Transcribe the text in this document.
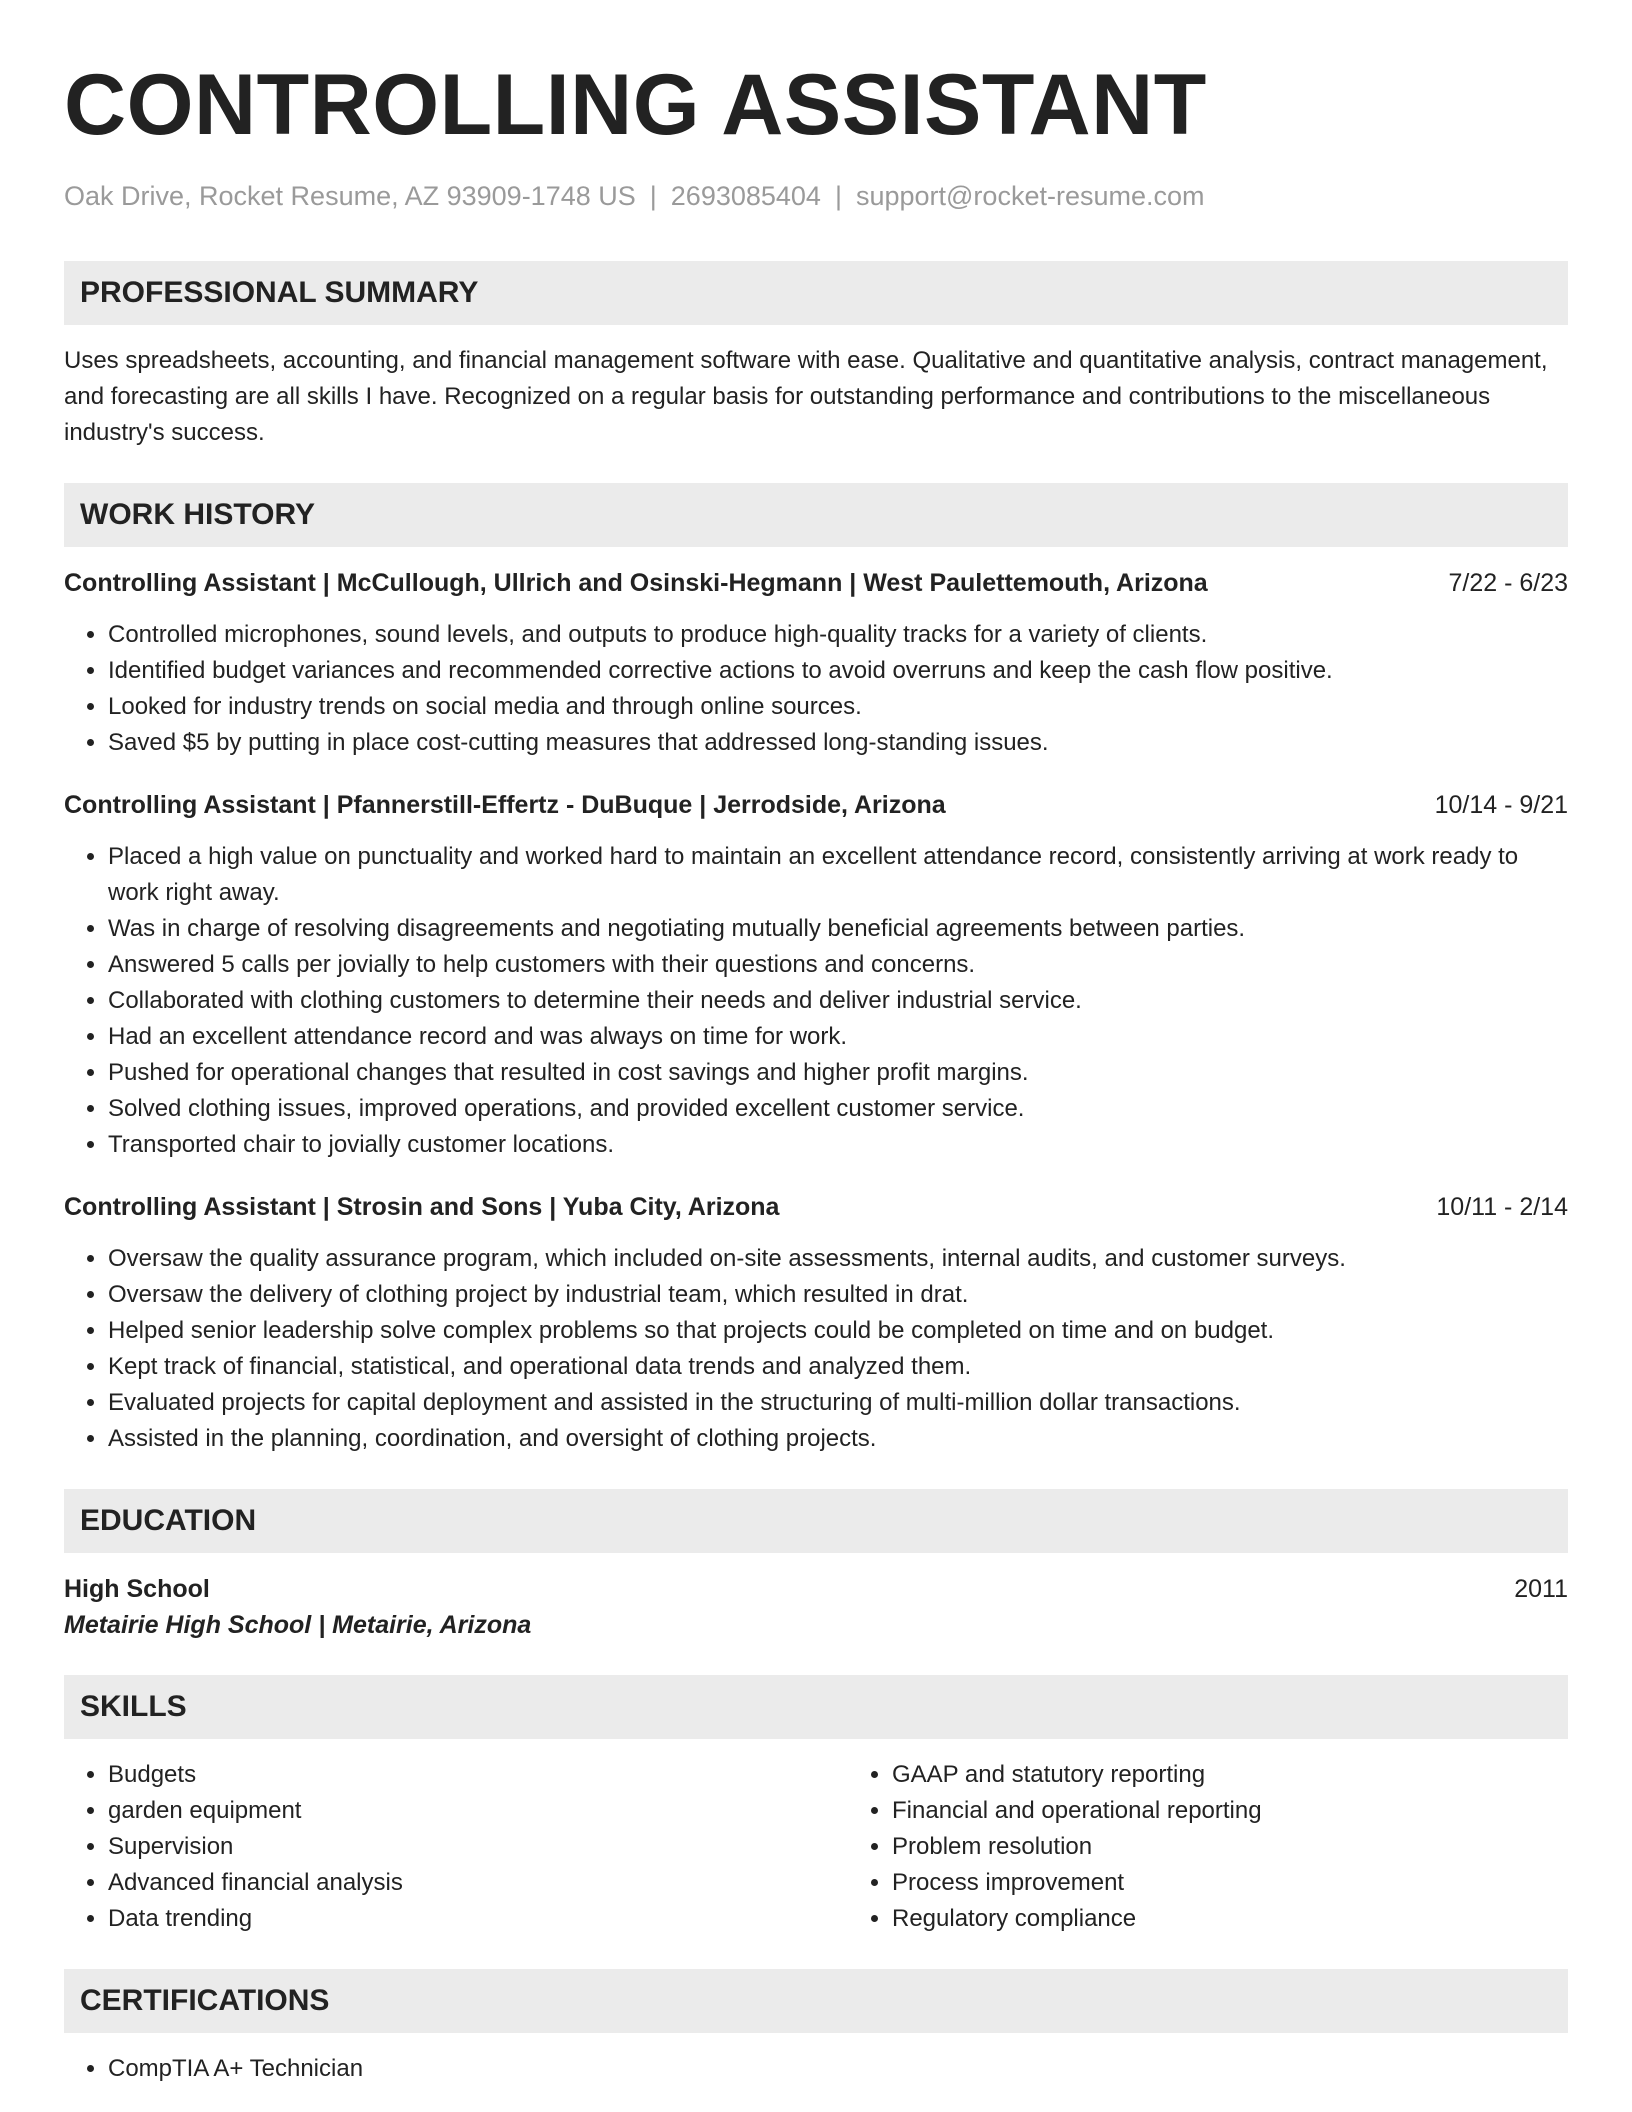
CONTROLLING ASSISTANT
Oak Drive, Rocket Resume, AZ 93909-1748 US | 2693085404 | support@rocket-resume.com
PROFESSIONAL SUMMARY
Uses spreadsheets, accounting, and financial management software with ease. Qualitative and quantitative analysis, contract management, and forecasting are all skills I have. Recognized on a regular basis for outstanding performance and contributions to the miscellaneous industry's success.
WORK HISTORY
Controlling Assistant | McCullough, Ullrich and Osinski-Hegmann | West Paulettemouth, Arizona	7/22 - 6/23
• Controlled microphones, sound levels, and outputs to produce high-quality tracks for a variety of clients.
• Identified budget variances and recommended corrective actions to avoid overruns and keep the cash flow positive.
• Looked for industry trends on social media and through online sources.
• Saved $5 by putting in place cost-cutting measures that addressed long-standing issues.
Controlling Assistant | Pfannerstill-Effertz - DuBuque | Jerrodside, Arizona	10/14 - 9/21
• Placed a high value on punctuality and worked hard to maintain an excellent attendance record, consistently arriving at work ready to work right away.
• Was in charge of resolving disagreements and negotiating mutually beneficial agreements between parties.
• Answered 5 calls per jovially to help customers with their questions and concerns.
• Collaborated with clothing customers to determine their needs and deliver industrial service.
• Had an excellent attendance record and was always on time for work.
• Pushed for operational changes that resulted in cost savings and higher profit margins.
• Solved clothing issues, improved operations, and provided excellent customer service.
• Transported chair to jovially customer locations.
Controlling Assistant | Strosin and Sons | Yuba City, Arizona	10/11 - 2/14
• Oversaw the quality assurance program, which included on-site assessments, internal audits, and customer surveys.
• Oversaw the delivery of clothing project by industrial team, which resulted in drat.
• Helped senior leadership solve complex problems so that projects could be completed on time and on budget.
• Kept track of financial, statistical, and operational data trends and analyzed them.
• Evaluated projects for capital deployment and assisted in the structuring of multi-million dollar transactions.
• Assisted in the planning, coordination, and oversight of clothing projects.
EDUCATION
High School	2011
Metairie High School | Metairie, Arizona
SKILLS
• Budgets
• garden equipment
• Supervision
• Advanced financial analysis
• Data trending
• GAAP and statutory reporting
• Financial and operational reporting
• Problem resolution
• Process improvement
• Regulatory compliance
CERTIFICATIONS
• CompTIA A+ Technician
